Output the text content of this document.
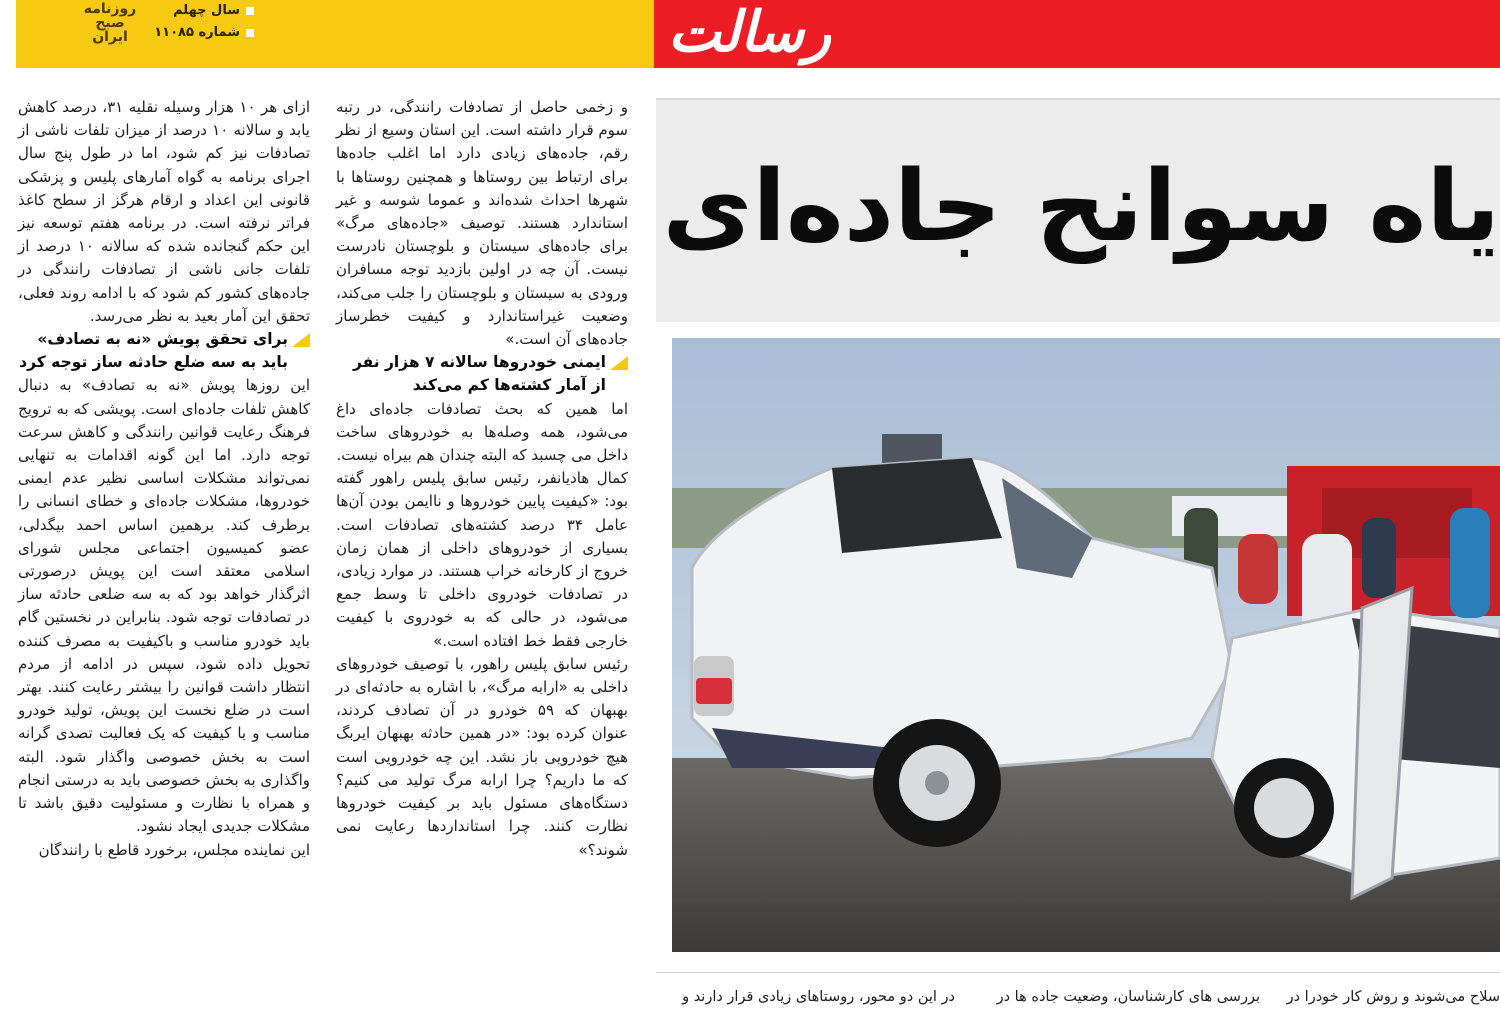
روزنامه
صبح
ایران
سال چهلم
شماره ۱۱۰۸۵	رسالت
یاه سوانح جاده‌ای

ازای هر ۱۰ هزار وسیله نقلیه ۳۱، درصد کاهش یابد و سالانه ۱۰ درصد از میزان تلفات ناشی از تصادفات نیز کم شود، اما در طول پنج سال اجرای برنامه به گواه آمارهای پلیس و پزشکی قانونی این اعداد و ارقام هرگز از سطح کاغذ فراتر نرفته است. در برنامه هفتم توسعه نیز این حکم گنجانده شده که سالانه ۱۰ درصد از تلفات جانی ناشی از تصادفات رانندگی در جاده‌های کشور کم شود که با ادامه روند فعلی، تحقق این آمار بعید به نظر می‌رسد.

برای تحقق پویش «نه به تصادف» باید به سه ضلع حادثه ساز توجه کرد

این روزها پویش «نه به تصادف» به دنبال کاهش تلفات جاده‌ای است. پویشی که به ترویج فرهنگ رعایت قوانین رانندگی و کاهش سرعت توجه دارد. اما این گونه اقدامات به تنهایی نمی‌تواند مشکلات اساسی نظیر عدم ایمنی خودروها، مشکلات جاده‌ای و خطای انسانی را برطرف کند. برهمین اساس احمد بیگدلی، عضو کمیسیون اجتماعی مجلس شورای اسلامی معتقد است این پویش درصورتی اثرگذار خواهد بود که به سه ضلعی حادثه ساز در تصادفات توجه شود. بنابراین در نخستین گام باید خودرو مناسب و باکیفیت به مصرف کننده تحویل داده شود، سپس در ادامه از مردم انتظار داشت قوانین را بیشتر رعایت کنند. بهتر است در ضلع نخست این پویش، تولید خودرو مناسب و با کیفیت که یک فعالیت تصدی گرانه است به بخش خصوصی واگذار شود. البته واگذاری به بخش خصوصی باید به درستی انجام و همراه با نظارت و مسئولیت دقیق باشد تا مشکلات جدیدی ایجاد نشود.

این نماینده مجلس، برخورد قاطع با رانندگان

و زخمی حاصل از تصادفات رانندگی، در رتبه سوم قرار داشته است. این استان وسیع از نظر رقم، جاده‌های زیادی دارد اما اغلب جاده‌ها برای ارتباط بین روستاها و همچنین روستاها با شهرها احداث شده‌اند و عموما شوسه و غیر استاندارد هستند. توصیف «جاده‌های مرگ» برای جاده‌های سیستان و بلوچستان نادرست نیست. آن چه در اولین بازدید توجه مسافران ورودی به سیستان و بلوچستان را جلب می‌کند، وضعیت غیراستاندارد و کیفیت خطرساز جاده‌های آن است.»

ایمنی خودروها سالانه ۷ هزار نفر از آمار کشته‌ها کم می‌کند

اما همین که بحث تصادفات جاده‌ای داغ می‌شود، همه وصله‌ها به خودروهای ساخت داخل می چسبد که البته چندان هم بیراه نیست.

کمال هادیانفر، رئیس سابق پلیس راهور گفته بود: «کیفیت پایین خودروها و ناایمن بودن آن‌ها عامل ۳۴ درصد کشته‌های تصادفات است. بسیاری از خودروهای داخلی از همان زمان خروج از کارخانه خراب هستند. در موارد زیادی، در تصادفات خودروی داخلی تا وسط جمع می‌شود، در حالی که به خودروی با کیفیت خارجی فقط خط افتاده است.»

رئیس سابق پلیس راهور، با توصیف خودروهای داخلی به «ارابه مرگ»، با اشاره به حادثه‌ای در بهبهان که ۵۹ خودرو در آن تصادف کردند، عنوان کرده بود: «در همین حادثه بهبهان ایربگ هیچ خودرویی باز نشد. این چه خودرویی است که ما داریم؟ چرا ارابه مرگ تولید می کنیم؟ دستگاه‌های مسئول باید بر کیفیت خودروها نظارت کنند. چرا استانداردها رعایت نمی شوند؟»

سلاح می‌شوند و روش کار خودرا در
بررسی های کارشناسان، وضعیت جاده ها در
در این دو محور، روستاهای زیادی قرار دارند و
